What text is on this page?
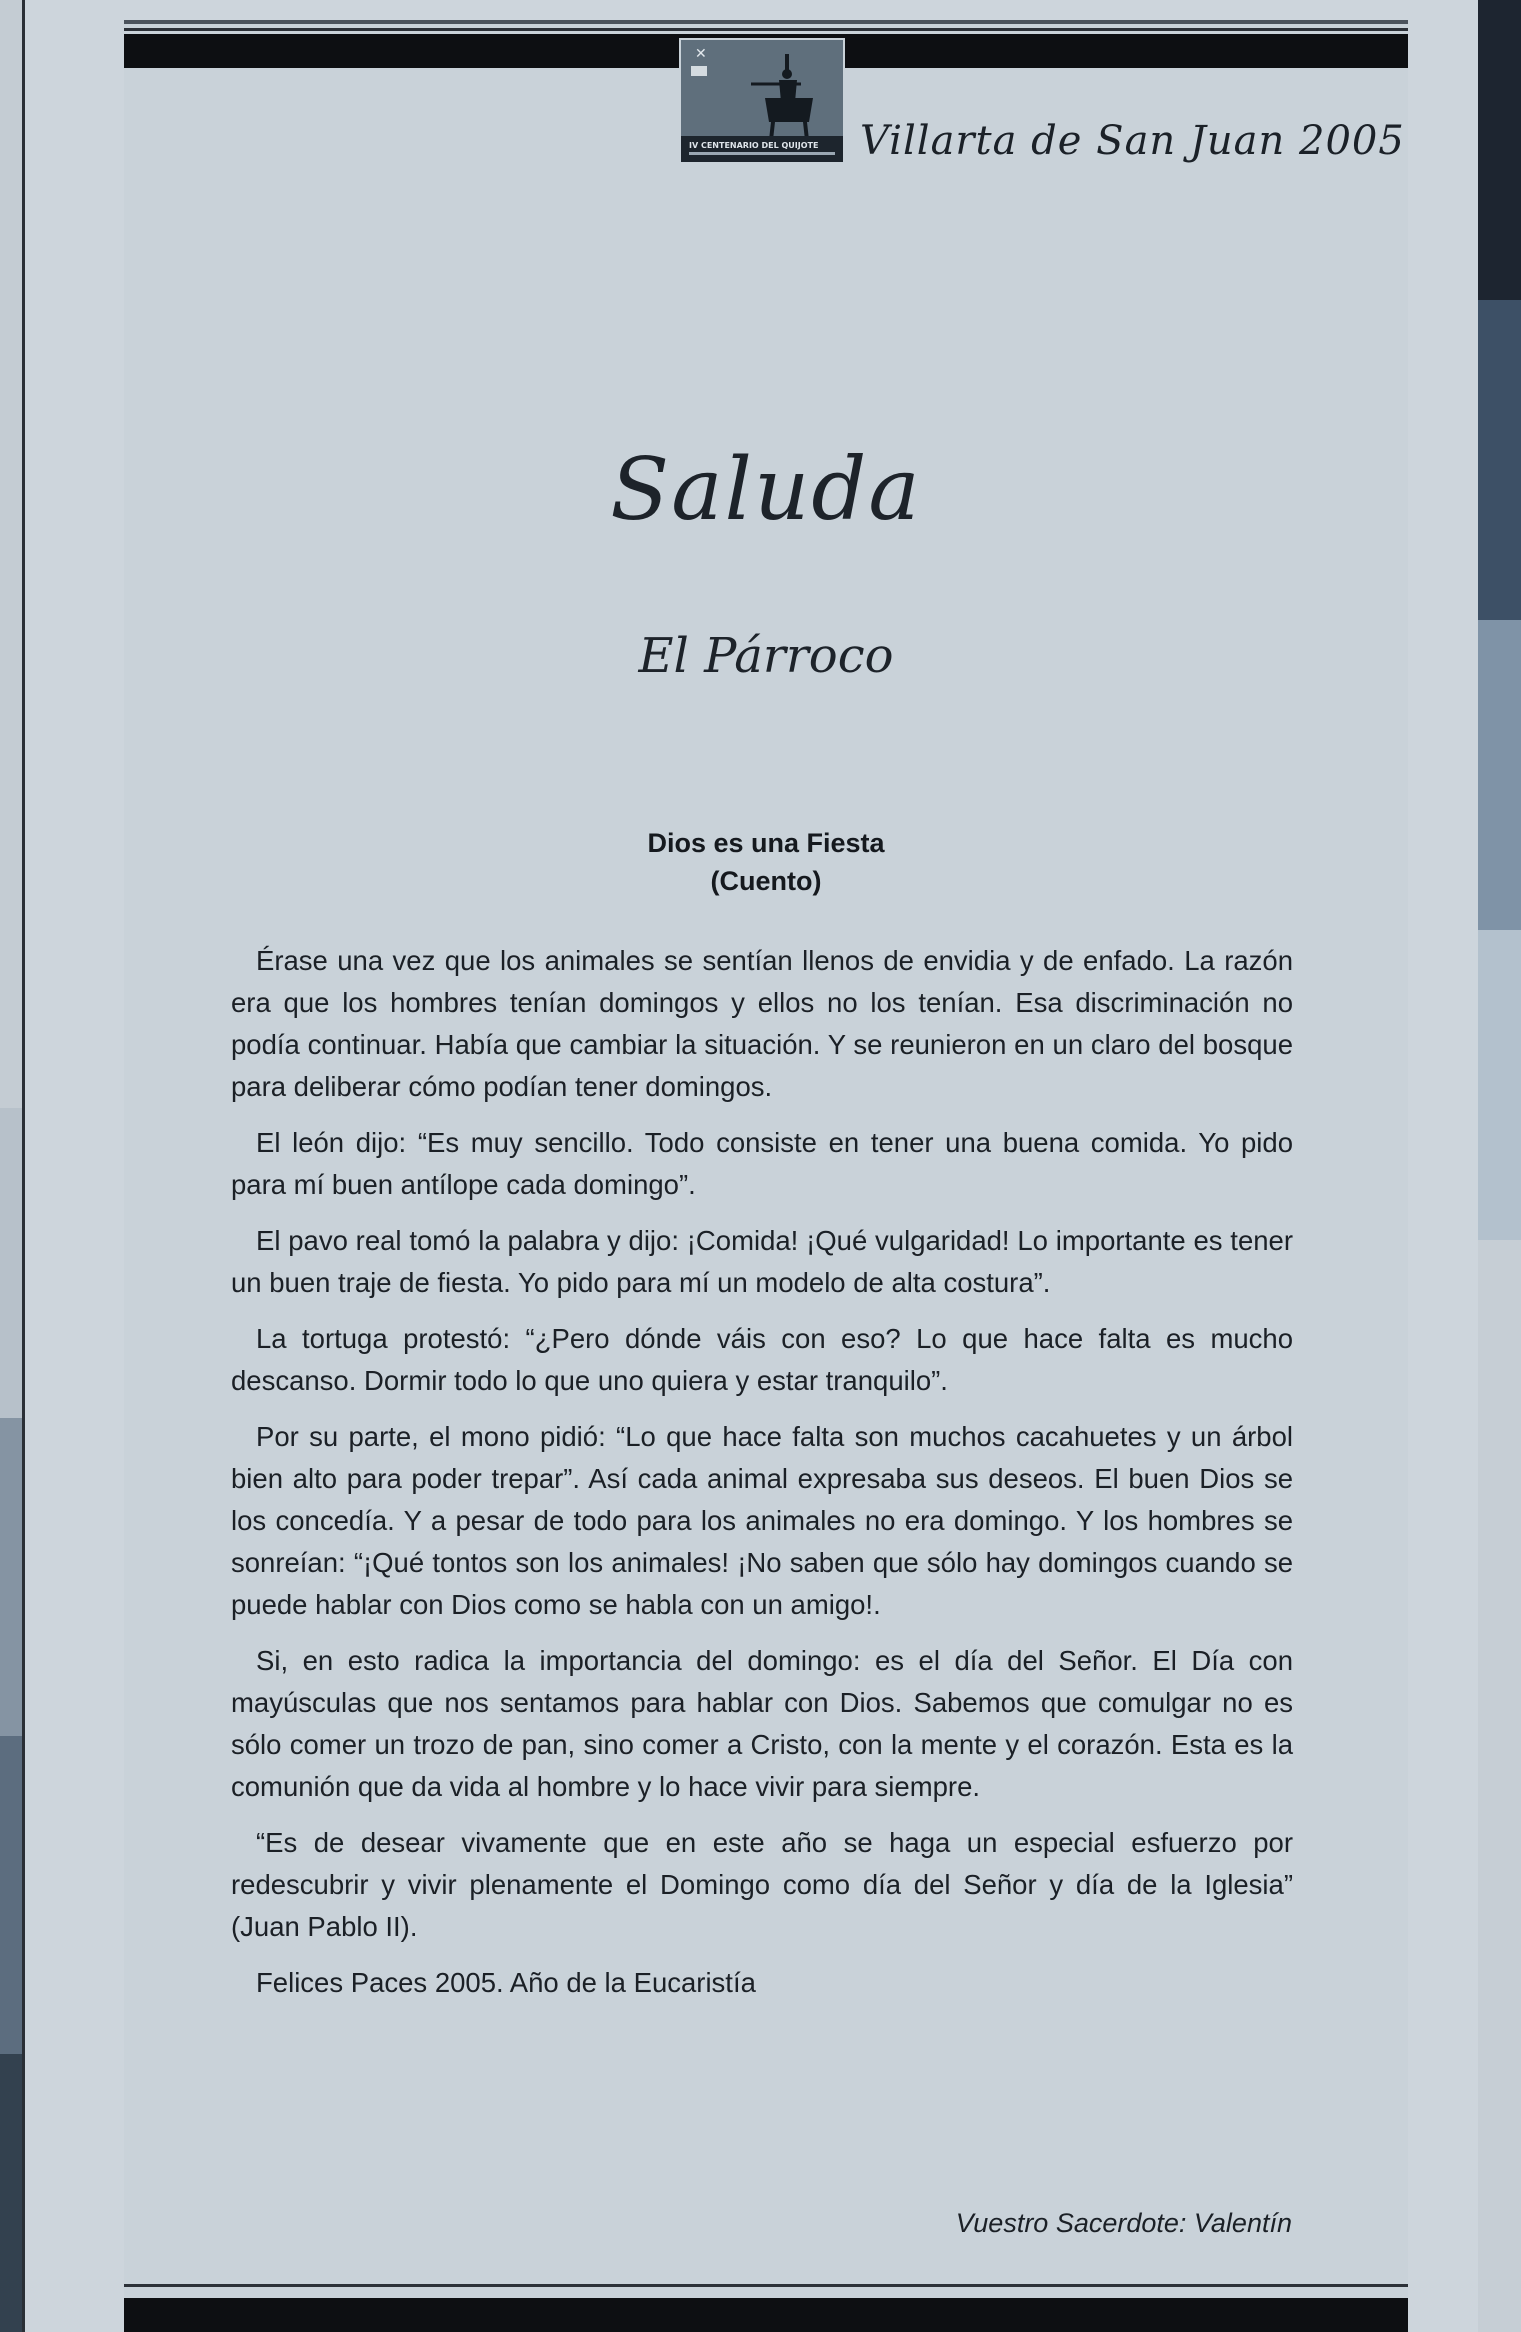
✕
IV CENTENARIO DEL QUIJOTE Villarta de San Juan 2005
Saluda
El Párroco
Dios es una Fiesta
(Cuento)

Érase una vez que los animales se sentían llenos de envidia y de enfado. La razón era que los hombres tenían domingos y ellos no los tenían. Esa discriminación no podía continuar. Había que cambiar la situación. Y se reunieron en un claro del bosque para deliberar cómo podían tener domingos.

El león dijo: “Es muy sencillo. Todo consiste en tener una buena comida. Yo pido para mí buen antílope cada domingo”.

El pavo real tomó la palabra y dijo: ¡Comida! ¡Qué vulgaridad! Lo importante es tener un buen traje de fiesta. Yo pido para mí un modelo de alta costura”.

La tortuga protestó: “¿Pero dónde váis con eso? Lo que hace falta es mucho descanso. Dormir todo lo que uno quiera y estar tranquilo”.

Por su parte, el mono pidió: “Lo que hace falta son muchos cacahuetes y un árbol bien alto para poder trepar”. Así cada animal expresaba sus deseos. El buen Dios se los concedía. Y a pesar de todo para los animales no era domingo. Y los hombres se sonreían: “¡Qué tontos son los animales! ¡No saben que sólo hay domingos cuando se puede hablar con Dios como se habla con un amigo!.

Si, en esto radica la importancia del domingo: es el día del Señor. El Día con mayúsculas que nos sentamos para hablar con Dios. Sabemos que comulgar no es sólo comer un trozo de pan, sino comer a Cristo, con la mente y el corazón. Esta es la comunión que da vida al hombre y lo hace vivir para siempre.

“Es de desear vivamente que en este año se haga un especial esfuerzo por redescubrir y vivir plenamente el Domingo como día del Señor y día de la Iglesia” (Juan Pablo II).

Felices Paces 2005. Año de la Eucaristía

Vuestro Sacerdote: Valentín
